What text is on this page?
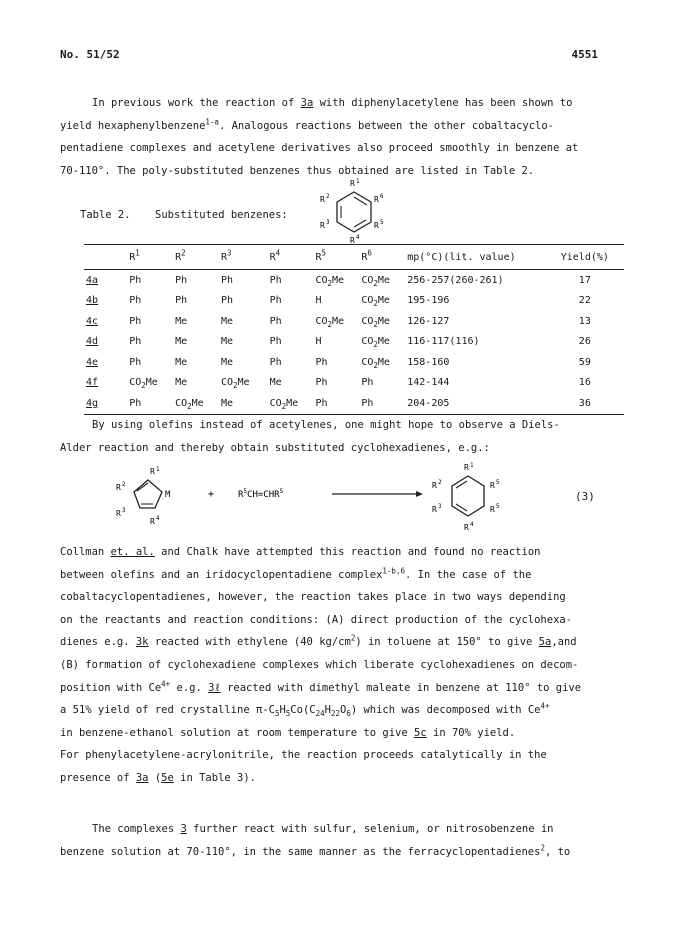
No. 51/52	4551
In previous work the reaction of 3a with diphenylacetylene has been shown to
yield hexaphenylbenzene$^{1-a}$. Analogous reactions between the other cobaltacyclo-
pentadiene complexes and acetylene derivatives also proceed smoothly in benzene at
70-110°. The poly-substituted benzenes thus obtained are listed in Table 2.
R 1
R 2
R 3
R 4
R 5
R 6
Table 2. Substituted benzenes:
	$R^1$	$R^2$	$R^3$	$R^4$	$R^5$	$R^6$	mp(°C)(lit. value)	Yield(%)
4a	Ph	Ph	Ph	Ph	$CO_2Me$	$CO_2Me$	256-257(260-261)	17
4b	Ph	Ph	Ph	Ph	H	$CO_2Me$	195-196	22
4c	Ph	Me	Me	Ph	$CO_2Me$	$CO_2Me$	126-127	13
4d	Ph	Me	Me	Ph	H	$CO_2Me$	116-117(116)	26
4e	Ph	Me	Me	Ph	Ph	$CO_2Me$	158-160	59
4f	$CO_2Me$	Me	$CO_2Me$	Me	Ph	Ph	142-144	16
4g	Ph	$CO_2Me$	Me	$CO_2Me$	Ph	Ph	204-205	36
By using olefins instead of acetylenes, one might hope to observe a Diels-
Alder reaction and thereby obtain substituted cyclohexadienes, e.g.:
M
R 1
R 2
R 3
R 4
+	$R^5CH=CHR^5$
R 1
R 2
R 3
R 4
R 5
R 5
(3)
Collman et. al. and Chalk have attempted this reaction and found no reaction
between olefins and an iridocyclopentadiene complex$^{1-b,6}$. In the case of the
cobaltacyclopentadienes, however, the reaction takes place in two ways depending
on the reactants and reaction conditions: (A) direct production of the cyclohexa-
dienes e.g. 3k reacted with ethylene (40 $kg/cm^2$) in toluene at 150° to give 5a,and
(B) formation of cyclohexadiene complexes which liberate cyclohexadienes on decom-
position with $Ce^{4+}$ e.g. 3ℓ reacted with dimethyl maleate in benzene at 110° to give
a 51% yield of red crystalline $\pi-C_5H_5Co(C_{24}H_{22}O_6)$ which was decomposed with $Ce^{4+}$
in benzene-ethanol solution at room temperature to give 5c in 70% yield.
For phenylacetylene-acrylonitrile, the reaction proceeds catalytically in the
presence of 3a (5e in Table 3).
The complexes 3 further react with sulfur, selenium, or nitrosobenzene in
benzene solution at 70-110°, in the same manner as the ferracyclopentadienes$^2$, to
